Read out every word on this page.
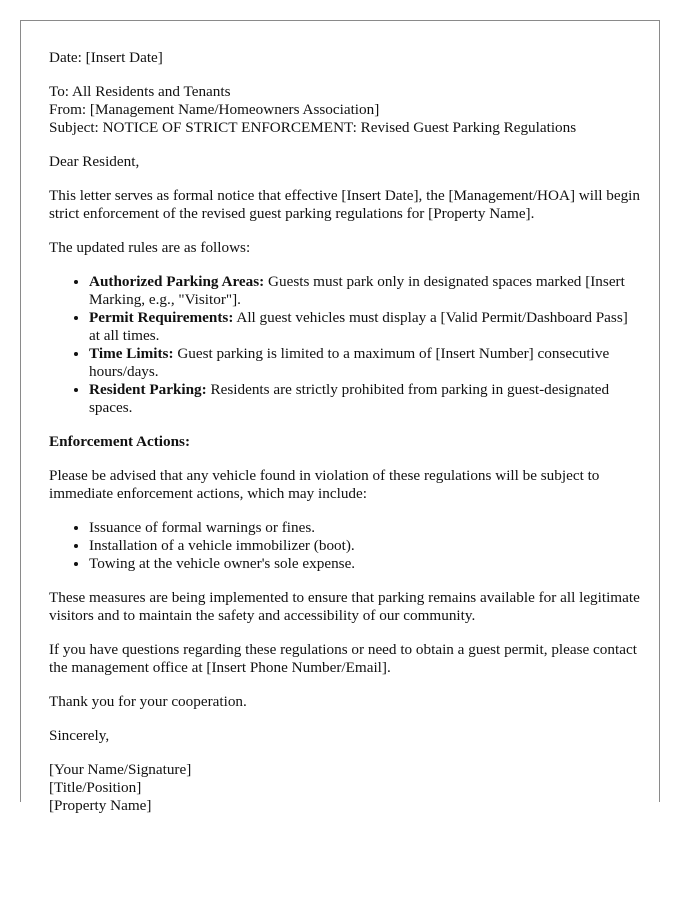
Date: [Insert Date]

To: All Residents and Tenants
From: [Management Name/Homeowners Association]
Subject: NOTICE OF STRICT ENFORCEMENT: Revised Guest Parking Regulations

Dear Resident,

This letter serves as formal notice that effective [Insert Date], the [Management/HOA] will begin strict enforcement of the revised guest parking regulations for [Property Name].

The updated rules are as follows:

• Authorized Parking Areas: Guests must park only in designated spaces marked [Insert Marking, e.g., "Visitor"].
• Permit Requirements: All guest vehicles must display a [Valid Permit/Dashboard Pass] at all times.
• Time Limits: Guest parking is limited to a maximum of [Insert Number] consecutive hours/days.
• Resident Parking: Residents are strictly prohibited from parking in guest-designated spaces.

Enforcement Actions:

Please be advised that any vehicle found in violation of these regulations will be subject to immediate enforcement actions, which may include:

• Issuance of formal warnings or fines.
• Installation of a vehicle immobilizer (boot).
• Towing at the vehicle owner's sole expense.

These measures are being implemented to ensure that parking remains available for all legitimate visitors and to maintain the safety and accessibility of our community.

If you have questions regarding these regulations or need to obtain a guest permit, please contact the management office at [Insert Phone Number/Email].

Thank you for your cooperation.

Sincerely,

[Your Name/Signature]
[Title/Position]
[Property Name]
